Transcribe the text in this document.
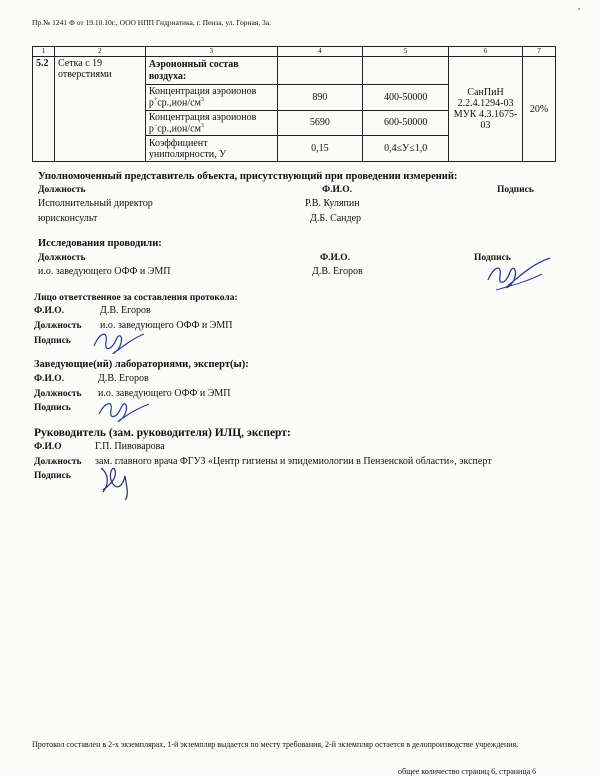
Пр.№ 1241 Ф от 19.10.10г., ООО НПП Гидриатика, г. Пенза, ул. Горная, 3а.
'
1	2	3	4	5	6	7
5.2	Сетка с 19 отверстиями	Аэроионный состав воздуха:			СанПиН
2.2.4.1294-03
МУК 4.3.1675-03	20%
		Концентрация аэроионов $р^+ср.,ион/см^3$	890	400-50000		
		Концентрация аэроионов $р^-ср.,ион/см^3$	5690	600-50000		
		Коэффициент униполярности, У	0,15	0,4≤У≤1,0		
Уполномоченный представитель объекта, присутствующий при проведении измерений:
Должность	Ф.И.О.	Подпись
Исполнительный директор	Р.В. Куляпин
юрисконсульт	Д.Б. Сандер
Исследования проводили:
Должность	Ф.И.О.	Подпись
и.о. заведующего ОФФ и ЭМП	Д.В. Егоров
Лицо ответственное за составления протокола:
Ф.И.О.	Д.В. Егоров
Должность и.о. заведующего ОФФ и ЭМП
Подпись
Заведующие(ий) лабораториями, эксперт(ы):
Ф.И.О.	Д.В. Егоров
Должность и.о. заведующего ОФФ и ЭМП
Подпись
Руководитель (зам. руководителя) ИЛЦ, эксперт:
Ф.И.О	Г.П. Пивоварова
Должность зам. главного врача ФГУЗ «Центр гигиены и эпидемиологии в Пензенской области», эксперт
Подпись
Протокол составлен в 2-х экземплярах, 1-й экземпляр выдается по месту требования, 2-й экземпляр остается в делопроизводстве учреждения.
общее количество страниц 6, страница 6
